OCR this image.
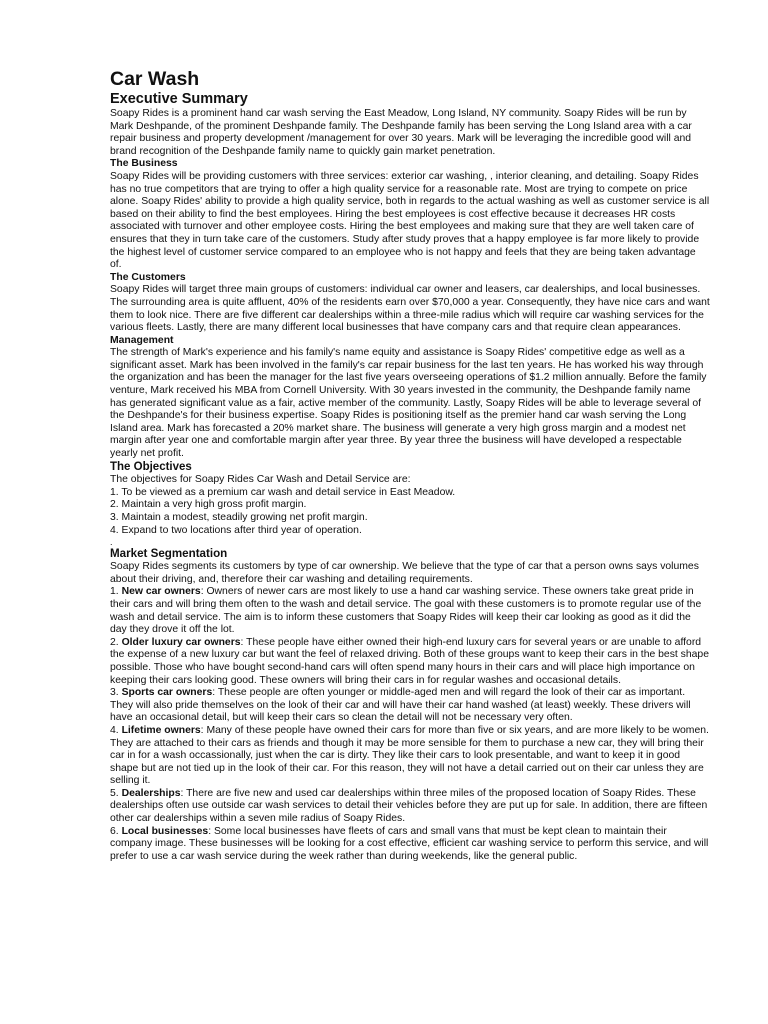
Car Wash
Executive Summary

Soapy Rides is a prominent hand car wash serving the East Meadow, Long Island, NY community. Soapy Rides will be run by Mark Deshpande, of the prominent Deshpande family. The Deshpande family has been serving the Long Island area with a car repair business and property development /management for over 30 years. Mark will be leveraging the incredible good will and brand recognition of the Deshpande family name to quickly gain market penetration.

The Business

Soapy Rides will be providing customers with three services: exterior car washing, , interior cleaning, and detailing. Soapy Rides has no true competitors that are trying to offer a high quality service for a reasonable rate. Most are trying to compete on price alone. Soapy Rides' ability to provide a high quality service, both in regards to the actual washing as well as customer service is all based on their ability to find the best employees. Hiring the best employees is cost effective because it decreases HR costs associated with turnover and other employee costs. Hiring the best employees and making sure that they are well taken care of ensures that they in turn take care of the customers. Study after study proves that a happy employee is far more likely to provide the highest level of customer service compared to an employee who is not happy and feels that they are being taken advantage of.

The Customers

Soapy Rides will target three main groups of customers: individual car owner and leasers, car dealerships, and local businesses. The surrounding area is quite affluent, 40% of the residents earn over $70,000 a year. Consequently, they have nice cars and want them to look nice. There are five different car dealerships within a three-mile radius which will require car washing services for the various fleets. Lastly, there are many different local businesses that have company cars and that require clean appearances.

Management

The strength of Mark's experience and his family's name equity and assistance is Soapy Rides' competitive edge as well as a significant asset. Mark has been involved in the family's car repair business for the last ten years. He has worked his way through the organization and has been the manager for the last five years overseeing operations of $1.2 million annually. Before the family venture, Mark received his MBA from Cornell University. With 30 years invested in the community, the Deshpande family name has generated significant value as a fair, active member of the community. Lastly, Soapy Rides will be able to leverage several of the Deshpande's for their business expertise. Soapy Rides is positioning itself as the premier hand car wash serving the Long Island area. Mark has forecasted a 20% market share. The business will generate a very high gross margin and a modest net margin after year one and comfortable margin after year three. By year three the business will have developed a respectable yearly net profit.

The Objectives

The objectives for Soapy Rides Car Wash and Detail Service are:

1. To be viewed as a premium car wash and detail service in East Meadow.
2. Maintain a very high gross profit margin.
3. Maintain a modest, steadily growing net profit margin.
4. Expand to two locations after third year of operation.

.

Market Segmentation

Soapy Rides segments its customers by type of car ownership. We believe that the type of car that a person owns says volumes about their driving, and, therefore their car washing and detailing requirements.

1. New car owners: Owners of newer cars are most likely to use a hand car washing service. These owners take great pride in their cars and will bring them often to the wash and detail service. The goal with these customers is to promote regular use of the wash and detail service. The aim is to inform these customers that Soapy Rides will keep their car looking as good as it did the day they drove it off the lot.

2. Older luxury car owners: These people have either owned their high-end luxury cars for several years or are unable to afford the expense of a new luxury car but want the feel of relaxed driving. Both of these groups want to keep their cars in the best shape possible. Those who have bought second-hand cars will often spend many hours in their cars and will place high importance on keeping their cars looking good. These owners will bring their cars in for regular washes and occasional details.

3. Sports car owners: These people are often younger or middle-aged men and will regard the look of their car as important. They will also pride themselves on the look of their car and will have their car hand washed (at least) weekly. These drivers will have an occasional detail, but will keep their cars so clean the detail will not be necessary very often.

4. Lifetime owners: Many of these people have owned their cars for more than five or six years, and are more likely to be women. They are attached to their cars as friends and though it may be more sensible for them to purchase a new car, they will bring their car in for a wash occassionally, just when the car is dirty. They like their cars to look presentable, and want to keep it in good shape but are not tied up in the look of their car. For this reason, they will not have a detail carried out on their car unless they are selling it.

5. Dealerships: There are five new and used car dealerships within three miles of the proposed location of Soapy Rides. These dealerships often use outside car wash services to detail their vehicles before they are put up for sale. In addition, there are fifteen other car dealerships within a seven mile radius of Soapy Rides.

6. Local businesses: Some local businesses have fleets of cars and small vans that must be kept clean to maintain their company image. These businesses will be looking for a cost effective, efficient car washing service to perform this service, and will prefer to use a car wash service during the week rather than during weekends, like the general public.
